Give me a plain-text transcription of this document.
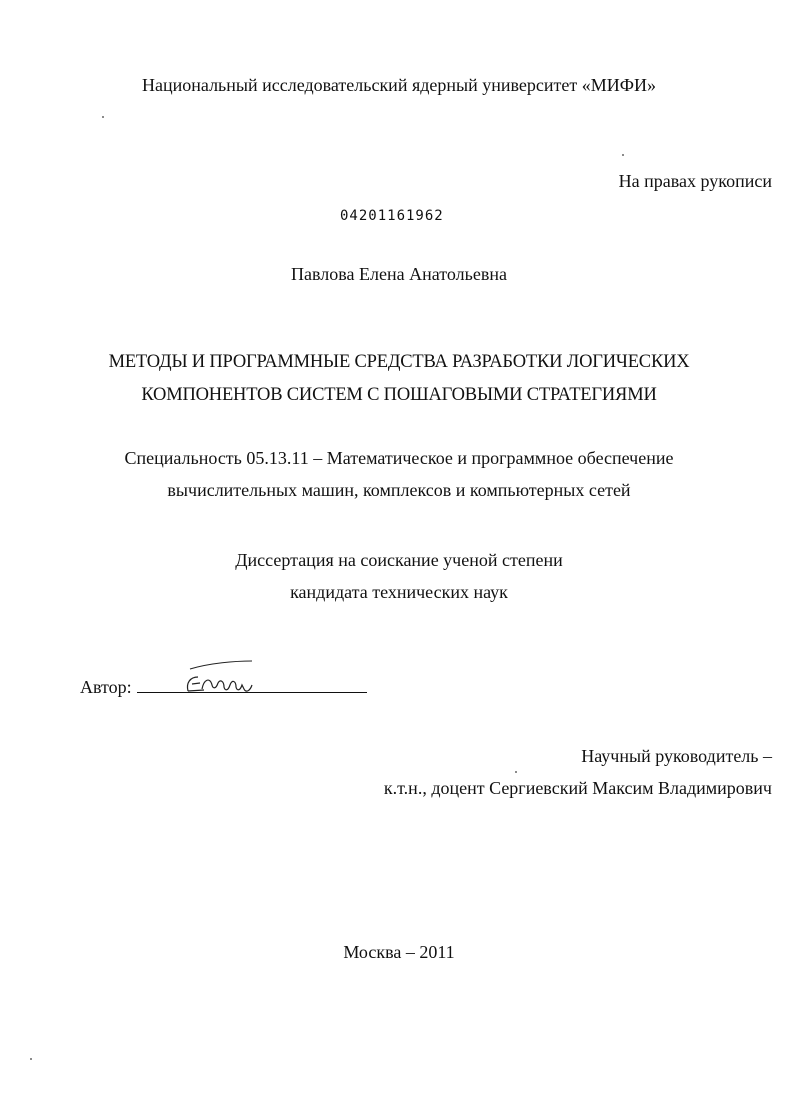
Национальный исследовательский ядерный университет «МИФИ»
На правах рукописи
04201161962
Павлова Елена Анатольевна
МЕТОДЫ И ПРОГРАММНЫЕ СРЕДСТВА РАЗРАБОТКИ ЛОГИЧЕСКИХ
КОМПОНЕНТОВ СИСТЕМ С ПОШАГОВЫМИ СТРАТЕГИЯМИ
Специальность 05.13.11 – Математическое и программное обеспечение
вычислительных машин, комплексов и компьютерных сетей
Диссертация на соискание ученой степени
кандидата технических наук
Автор:
Научный руководитель –
к.т.н., доцент Сергиевский Максим Владимирович
Москва – 2011
